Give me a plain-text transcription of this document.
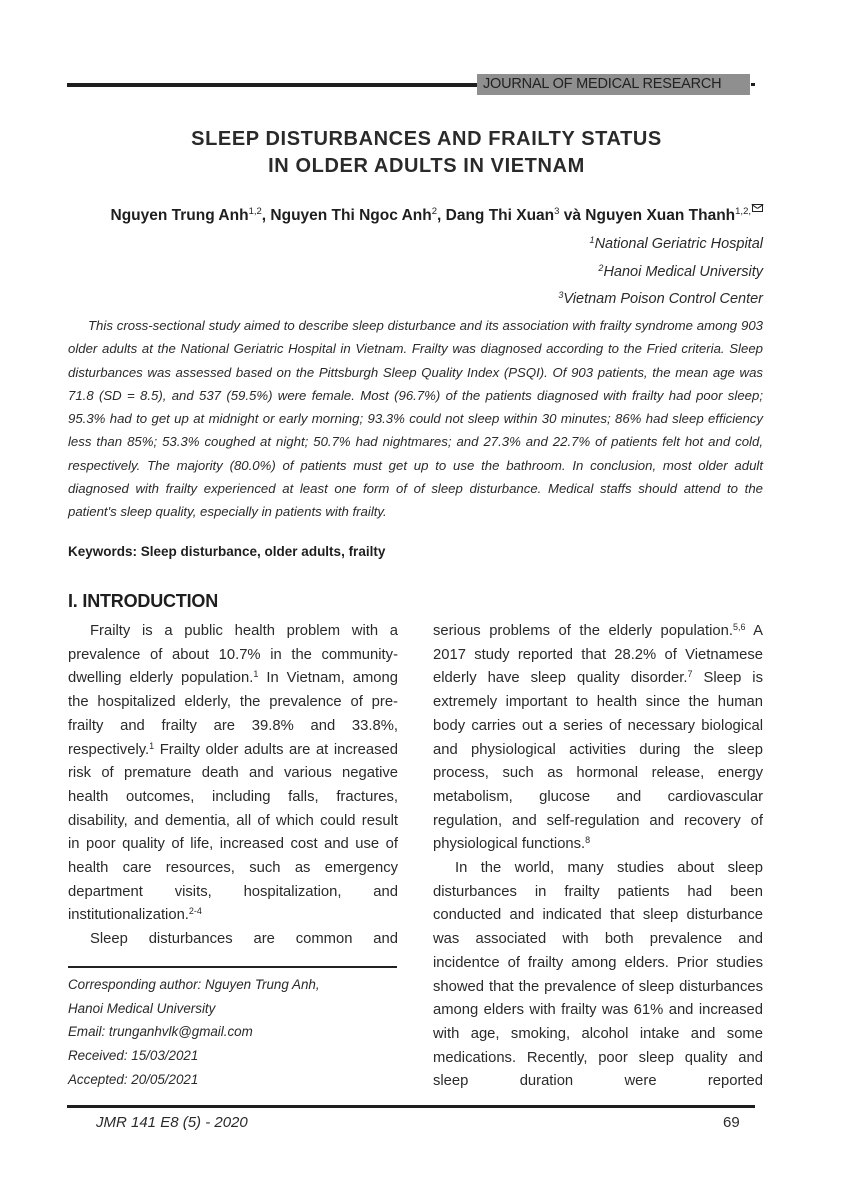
JOURNAL OF MEDICAL RESEARCH
SLEEP DISTURBANCES AND FRAILTY STATUS
IN OLDER ADULTS IN VIETNAM
Nguyen Trung Anh$^{1,2}$, Nguyen Thi Ngoc Anh$^2$, Dang Thi Xuan$^3$ và Nguyen Xuan Thanh$^{1,2,}$
$^1$National Geriatric Hospital
$^2$Hanoi Medical University
$^3$Vietnam Poison Control Center
This cross-sectional study aimed to describe sleep disturbance and its association with frailty syndrome among 903 older adults at the National Geriatric Hospital in Vietnam. Frailty was diagnosed according to the Fried criteria. Sleep disturbances was assessed based on the Pittsburgh Sleep Quality Index (PSQI). Of 903 patients, the mean age was 71.8 (SD = 8.5), and 537 (59.5%) were female. Most (96.7%) of the patients diagnosed with frailty had poor sleep; 95.3% had to get up at midnight or early morning; 93.3% could not sleep within 30 minutes; 86% had sleep efficiency less than 85%; 53.3% coughed at night; 50.7% had nightmares; and 27.3% and 22.7% of patients felt hot and cold, respectively. The majority (80.0%) of patients must get up to use the bathroom. In conclusion, most older adult diagnosed with frailty experienced at least one form of of sleep disturbance. Medical staffs should attend to the patient's sleep quality, especially in patients with frailty.
Keywords: Sleep disturbance, older adults, frailty
I. INTRODUCTION

Frailty is a public health problem with a prevalence of about 10.7% in the community-dwelling elderly population.$^1$ In Vietnam, among the hospitalized elderly, the prevalence of pre-frailty and frailty are 39.8% and 33.8%, respectively.$^1$ Frailty older adults are at increased risk of premature death and various negative health outcomes, including falls, fractures, disability, and dementia, all of which could result in poor quality of life, increased cost and use of health care resources, such as emergency department visits, hospitalization, and institutionalization.$^{2-4}$

Sleep disturbances are common and

Corresponding author: Nguyen Trung Anh,
Hanoi Medical University
Email: trunganhvlk@gmail.com
Received: 15/03/2021
Accepted: 20/05/2021

serious problems of the elderly population.$^{5,6}$ A 2017 study reported that 28.2% of Vietnamese elderly have sleep quality disorder.$^7$ Sleep is extremely important to health since the human body carries out a series of necessary biological and physiological activities during the sleep process, such as hormonal release, energy metabolism, glucose and cardiovascular regulation, and self-regulation and recovery of physiological functions.$^8$

In the world, many studies about sleep disturbances in frailty patients had been conducted and indicated that sleep disturbance was associated with both prevalence and incidentce of frailty among elders. Prior studies showed that the prevalence of sleep disturbances among elders with frailty was 61% and increased with age, smoking, alcohol intake and some medications. Recently, poor sleep quality and sleep duration were reported

JMR 141 E8 (5) - 2020	69
